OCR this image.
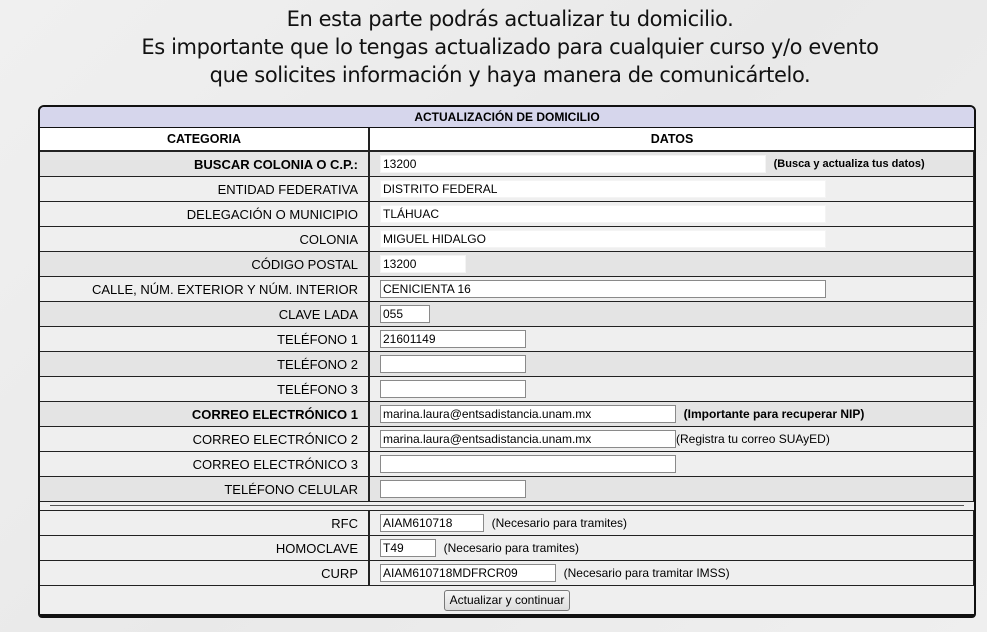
En esta parte podrás actualizar tu domicilio.
Es importante que lo tengas actualizado para cualquier curso y/o evento
que solicites información y haya manera de comunicártelo.
ACTUALIZACIÓN DE DOMICILIO
CATEGORIA	DATOS
BUSCAR COLONIA O C.P.:	13200(Busca y actualiza tus datos)
ENTIDAD FEDERATIVA	DISTRITO FEDERAL
DELEGACIÓN O MUNICIPIO	TLÁHUAC
COLONIA	MIGUEL HIDALGO
CÓDIGO POSTAL	13200
CALLE, NÚM. EXTERIOR Y NÚM. INTERIOR	CENICIENTA 16
CLAVE LADA	055
TELÉFONO 1	21601149
TELÉFONO 2	
TELÉFONO 3	
CORREO ELECTRÓNICO 1	marina.laura@entsadistancia.unam.mx(Importante para recuperar NIP)
CORREO ELECTRÓNICO 2	marina.laura@entsadistancia.unam.mx(Registra tu correo SUAyED)
CORREO ELECTRÓNICO 3	
TELÉFONO CELULAR	

RFC	AIAM610718(Necesario para tramites)
HOMOCLAVE	T49(Necesario para tramites)
CURP	AIAM610718MDFRCR09(Necesario para tramitar IMSS)
Actualizar y continuar	
